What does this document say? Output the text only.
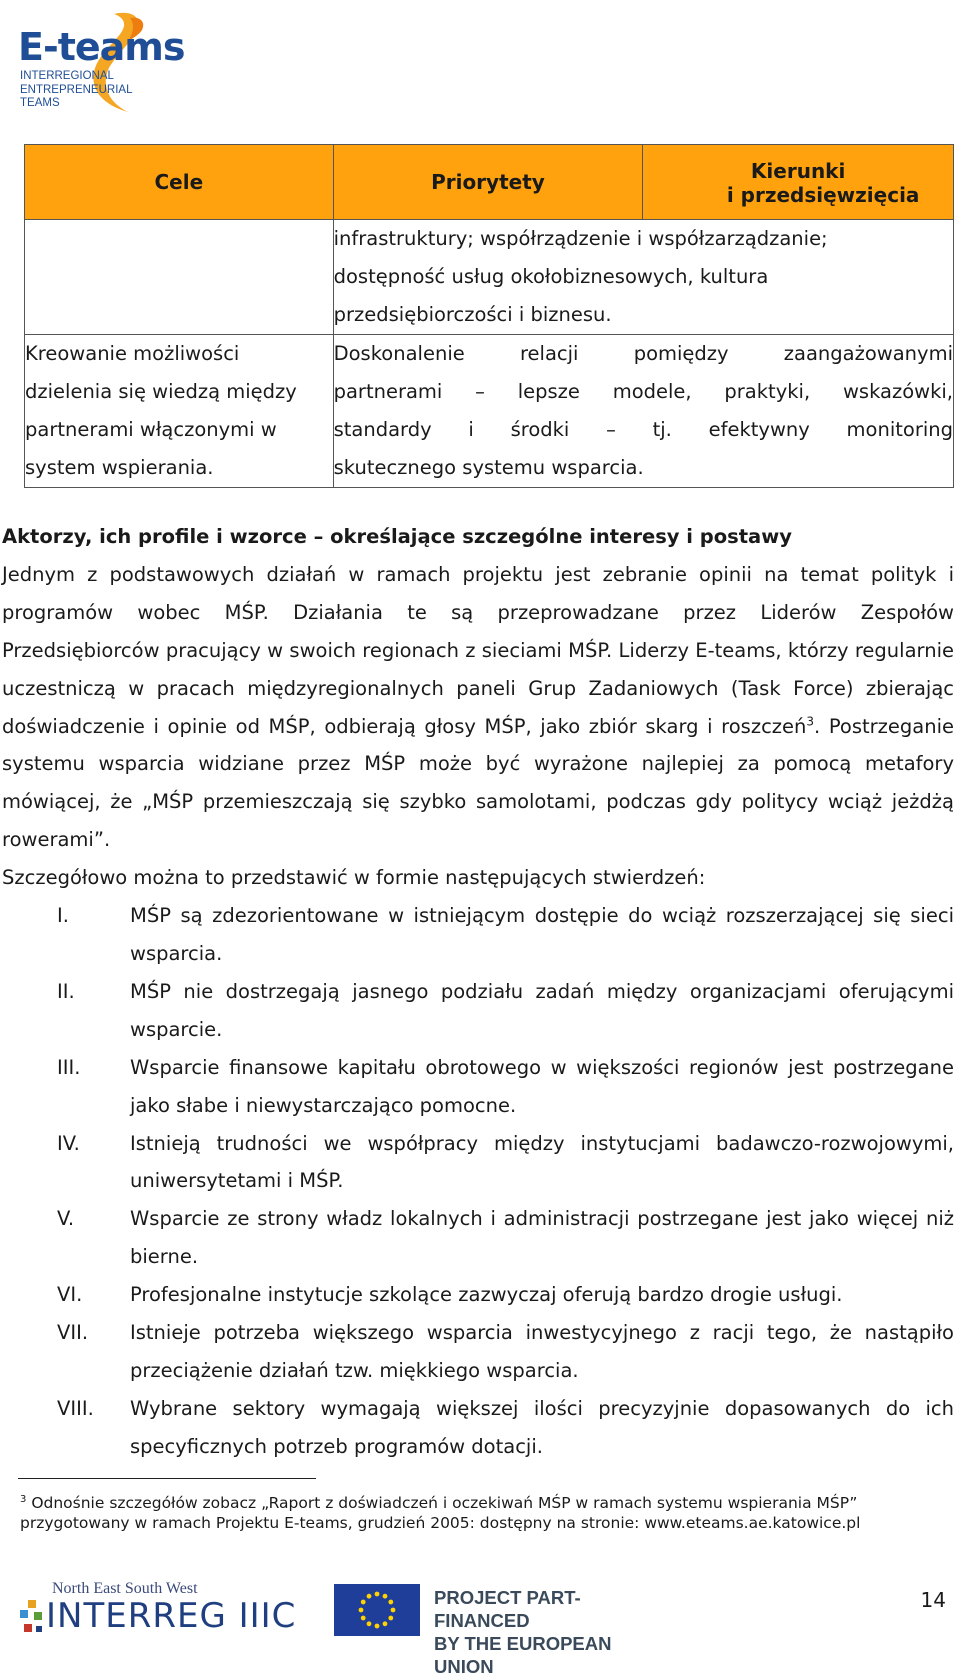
E-teams
INTERREGIONAL
ENTREPRENEURIAL
TEAMS
Cele	Priorytety	Kierunki
i przedsięwzięcia

	infrastruktury; współrządzenie i współzarządzanie;
dostępność usług okołobiznesowych, kultura
przedsiębiorczości i biznesu.	

Kreowanie możliwości
dzielenia się wiedzą między
partnerami włączonymi w
system wspierania.	Doskonalenie relacji pomiędzy zaangażowanymi
partnerami – lepsze modele, praktyki, wskazówki,
standardy i środki – tj. efektywny monitoring
skutecznego systemu wsparcia.	
Aktorzy, ich profile i wzorce – określające szczególne interesy i postawy
Jednym z podstawowych działań w ramach projektu jest zebranie opinii na temat polityk i programów wobec MŚP. Działania te są przeprowadzane przez Liderów Zespołów Przedsiębiorców pracujący w swoich regionach z sieciami MŚP. Liderzy E-teams, którzy regularnie uczestniczą w pracach międzyregionalnych paneli Grup Zadaniowych (Task Force) zbierając doświadczenie i opinie od MŚP, odbierają głosy MŚP, jako zbiór skarg i roszczeń$^3$. Postrzeganie systemu wsparcia widziane przez MŚP może być wyrażone najlepiej za pomocą metafory mówiącej, że „MŚP przemieszczają się szybko samolotami, podczas gdy politycy wciąż jeżdżą rowerami”.
Szczegółowo można to przedstawić w formie następujących stwierdzeń:
I.	MŚP są zdezorientowane w istniejącym dostępie do wciąż rozszerzającej się sieci wsparcia.
II.	MŚP nie dostrzegają jasnego podziału zadań między organizacjami oferującymi wsparcie.
III.	Wsparcie finansowe kapitału obrotowego w większości regionów jest postrzegane jako słabe i niewystarczająco pomocne.
IV.	Istnieją trudności we współpracy między instytucjami badawczo-rozwojowymi, uniwersytetami i MŚP.
V.	Wsparcie ze strony władz lokalnych i administracji postrzegane jest jako więcej niż bierne.
VI. Profesjonalne instytucje szkolące zazwyczaj oferują bardzo drogie usługi.
VII. Istnieje potrzeba większego wsparcia inwestycyjnego z racji tego, że nastąpiło przeciążenie działań tzw. miękkiego wsparcia.
VIII. Wybrane sektory wymagają większej ilości precyzyjnie dopasowanych do ich specyficznych potrzeb programów dotacji.
$^3$ Odnośnie szczegółów zobacz „Raport z doświadczeń i oczekiwań MŚP w ramach systemu wspierania MŚP” przygotowany w ramach Projektu E-teams, grudzień 2005: dostępny na stronie: www.eteams.ae.katowice.pl
North East South West
INTERREG IIIC	PROJECT PART-FINANCED
BY THE EUROPEAN UNION
14
